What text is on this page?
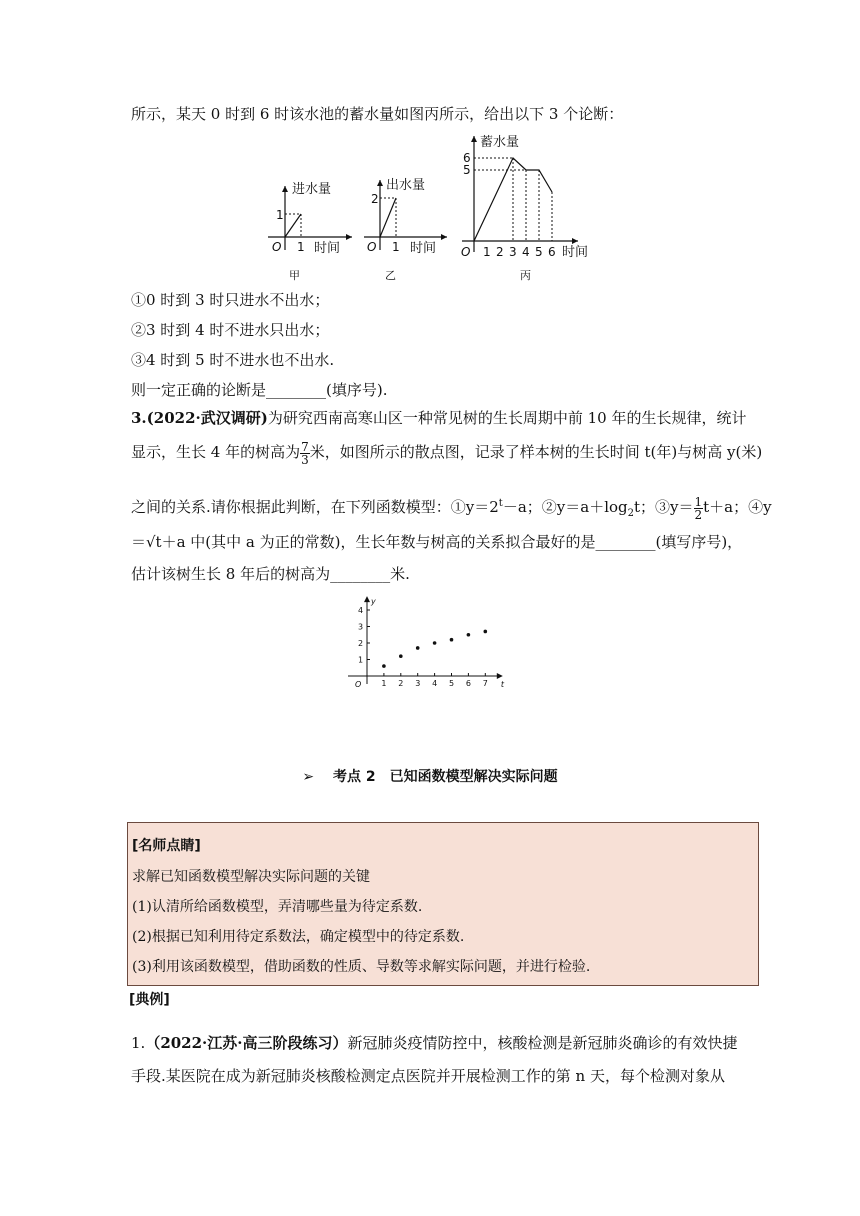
所示，某天 0 时到 6 时该水池的蓄水量如图丙所示，给出以下 3 个论断：
进水量
1
1
O	时间
甲
出水量
2
1
O	时间
乙
蓄水量
6
5
1 2 3 4 5 6
O	时间
丙
①0 时到 3 时只进水不出水；
②3 时到 4 时不进水只出水；
③4 时到 5 时不进水也不出水.
则一定正确的论断是________(填序号).
3.(2022·武汉调研)为研究西南高寒山区一种常见树的生长周期中前 10 年的生长规律，统计
显示，生长 4 年的树高为 $\frac{7}{3}$ 米，如图所示的散点图，记录了样本树的生长时间 t(年)与树高 y(米)
之间的关系.请你根据此判断，在下列函数模型：$①y=2^t-a$；$②y=a+\log_2t$；③y＝ $\frac{1}{2} t+a$；④y
＝√t＋a 中(其中 a 为正的常数)，生长年数与树高的关系拟合最好的是________(填写序号)，
估计该树生长 8 年后的树高为________米.
1
2
3
4
1 2 3 4 5 6 7
O	t
y
➢ 考点 2　已知函数模型解决实际问题
[名师点睛]
求解已知函数模型解决实际问题的关键
(1)认清所给函数模型，弄清哪些量为待定系数.
(2)根据已知利用待定系数法，确定模型中的待定系数.
(3)利用该函数模型，借助函数的性质、导数等求解实际问题，并进行检验.
[典例]
1.（2022·江苏·高三阶段练习）新冠肺炎疫情防控中，核酸检测是新冠肺炎确诊的有效快捷
手段.某医院在成为新冠肺炎核酸检测定点医院并开展检测工作的第 n 天，每个检测对象从
